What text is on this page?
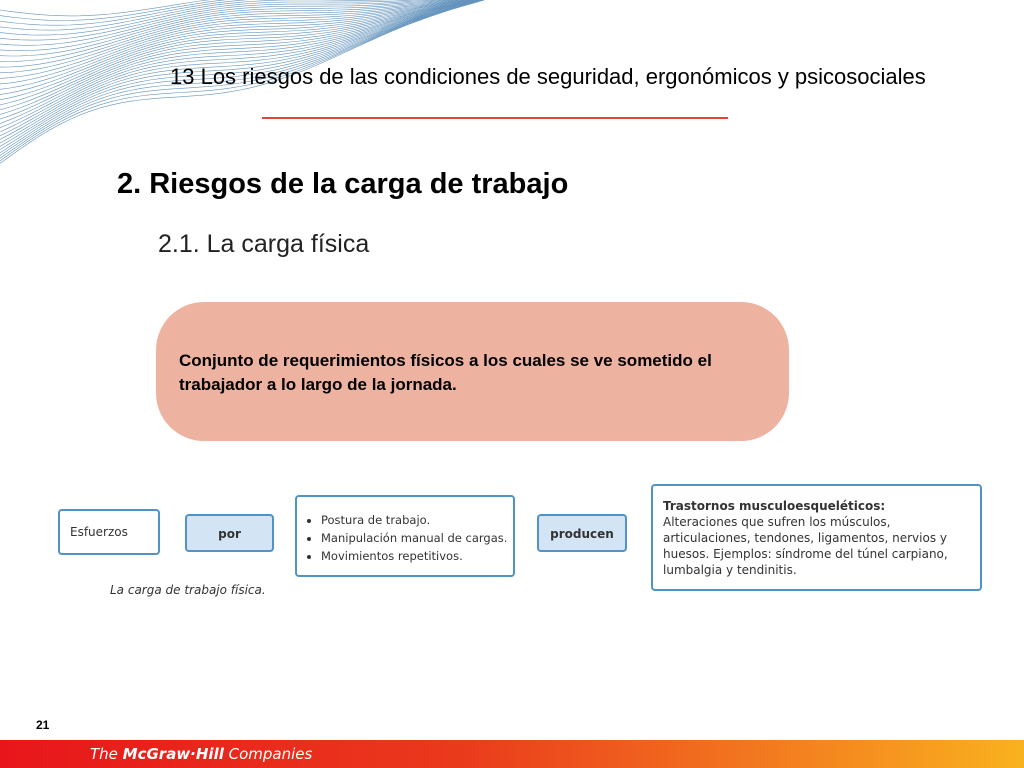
13 Los riesgos de las condiciones de seguridad, ergonómicos y psicosociales
2. Riesgos de la carga de trabajo
2.1. La carga física
Conjunto de requerimientos físicos a los cuales se ve sometido el trabajador a lo largo de la jornada.
Esfuerzos	por
• Postura de trabajo.
• Manipulación manual de cargas.
• Movimientos repetitivos.
producen
Trastornos musculoesqueléticos:
Alteraciones que sufren los músculos, articulaciones, tendones, ligamentos, nervios y huesos. Ejemplos: síndrome del túnel carpiano, lumbalgia y tendinitis.
La carga de trabajo física.
21
The McGraw·Hill Companies
